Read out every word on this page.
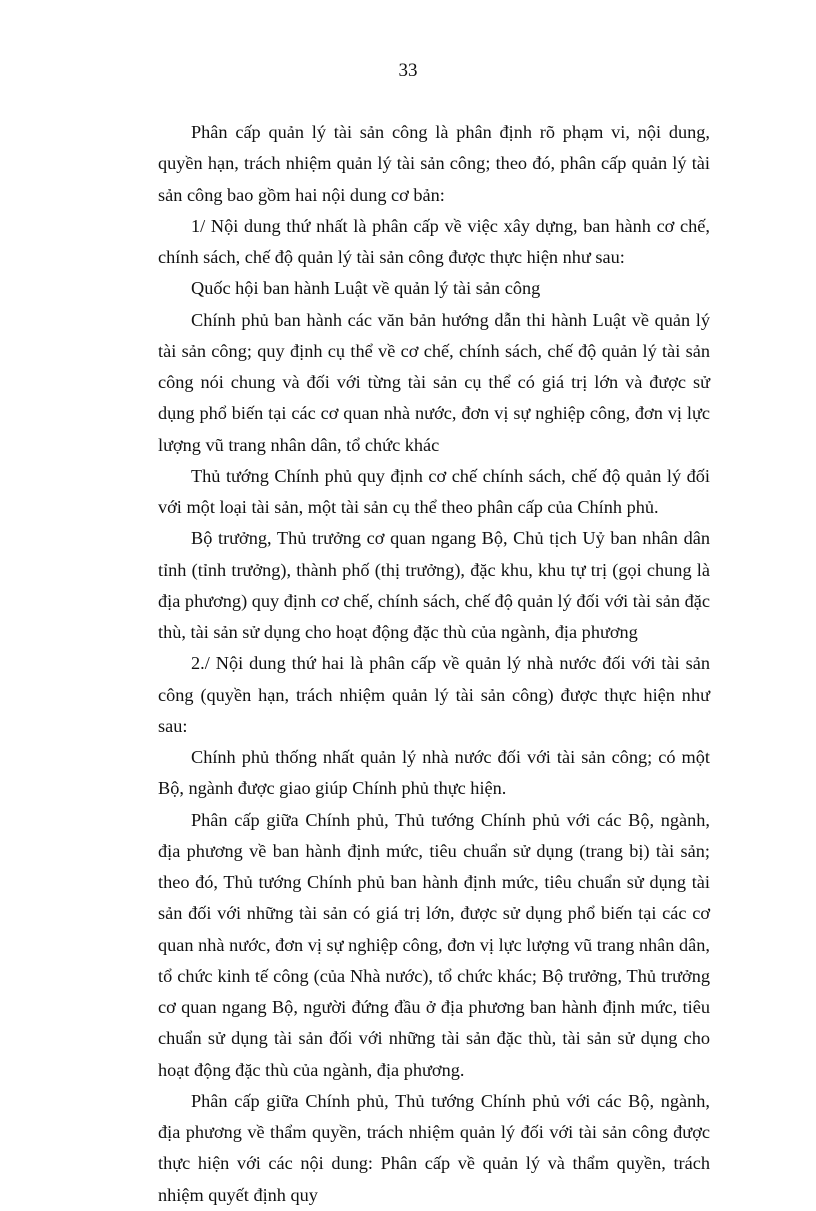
33

Phân cấp quản lý tài sản công là phân định rõ phạm vi, nội dung, quyền hạn, trách nhiệm quản lý tài sản công; theo đó, phân cấp quản lý tài sản công bao gồm hai nội dung cơ bản:

1/ Nội dung thứ nhất là phân cấp về việc xây dựng, ban hành cơ chế, chính sách, chế độ quản lý tài sản công được thực hiện như sau:

Quốc hội ban hành Luật về quản lý tài sản công

Chính phủ ban hành các văn bản hướng dẫn thi hành Luật về quản lý tài sản công; quy định cụ thể về cơ chế, chính sách, chế độ quản lý tài sản công nói chung và đối với từng tài sản cụ thể có giá trị lớn và được sử dụng phổ biến tại các cơ quan nhà nước, đơn vị sự nghiệp công, đơn vị lực lượng vũ trang nhân dân, tổ chức khác

Thủ tướng Chính phủ quy định cơ chế chính sách, chế độ quản lý đối với một loại tài sản, một tài sản cụ thể theo phân cấp của Chính phủ.

Bộ trưởng, Thủ trưởng cơ quan ngang Bộ, Chủ tịch Uỷ ban nhân dân tỉnh (tỉnh trưởng), thành phố (thị trưởng), đặc khu, khu tự trị (gọi chung là địa phương) quy định cơ chế, chính sách, chế độ quản lý đối với tài sản đặc thù, tài sản sử dụng cho hoạt động đặc thù của ngành, địa phương

2./ Nội dung thứ hai là phân cấp về quản lý nhà nước đối với tài sản công (quyền hạn, trách nhiệm quản lý tài sản công) được thực hiện như sau:

Chính phủ thống nhất quản lý nhà nước đối với tài sản công; có một Bộ, ngành được giao giúp Chính phủ thực hiện.

Phân cấp giữa Chính phủ, Thủ tướng Chính phủ với các Bộ, ngành, địa phương về ban hành định mức, tiêu chuẩn sử dụng (trang bị) tài sản; theo đó, Thủ tướng Chính phủ ban hành định mức, tiêu chuẩn sử dụng tài sản đối với những tài sản có giá trị lớn, được sử dụng phổ biến tại các cơ quan nhà nước, đơn vị sự nghiệp công, đơn vị lực lượng vũ trang nhân dân, tổ chức kinh tế công (của Nhà nước), tổ chức khác; Bộ trưởng, Thủ trưởng cơ quan ngang Bộ, người đứng đầu ở địa phương ban hành định mức, tiêu chuẩn sử dụng tài sản đối với những tài sản đặc thù, tài sản sử dụng cho hoạt động đặc thù của ngành, địa phương.

Phân cấp giữa Chính phủ, Thủ tướng Chính phủ với các Bộ, ngành, địa phương về thẩm quyền, trách nhiệm quản lý đối với tài sản công được thực hiện với các nội dung: Phân cấp về quản lý và thẩm quyền, trách nhiệm quyết định quy
